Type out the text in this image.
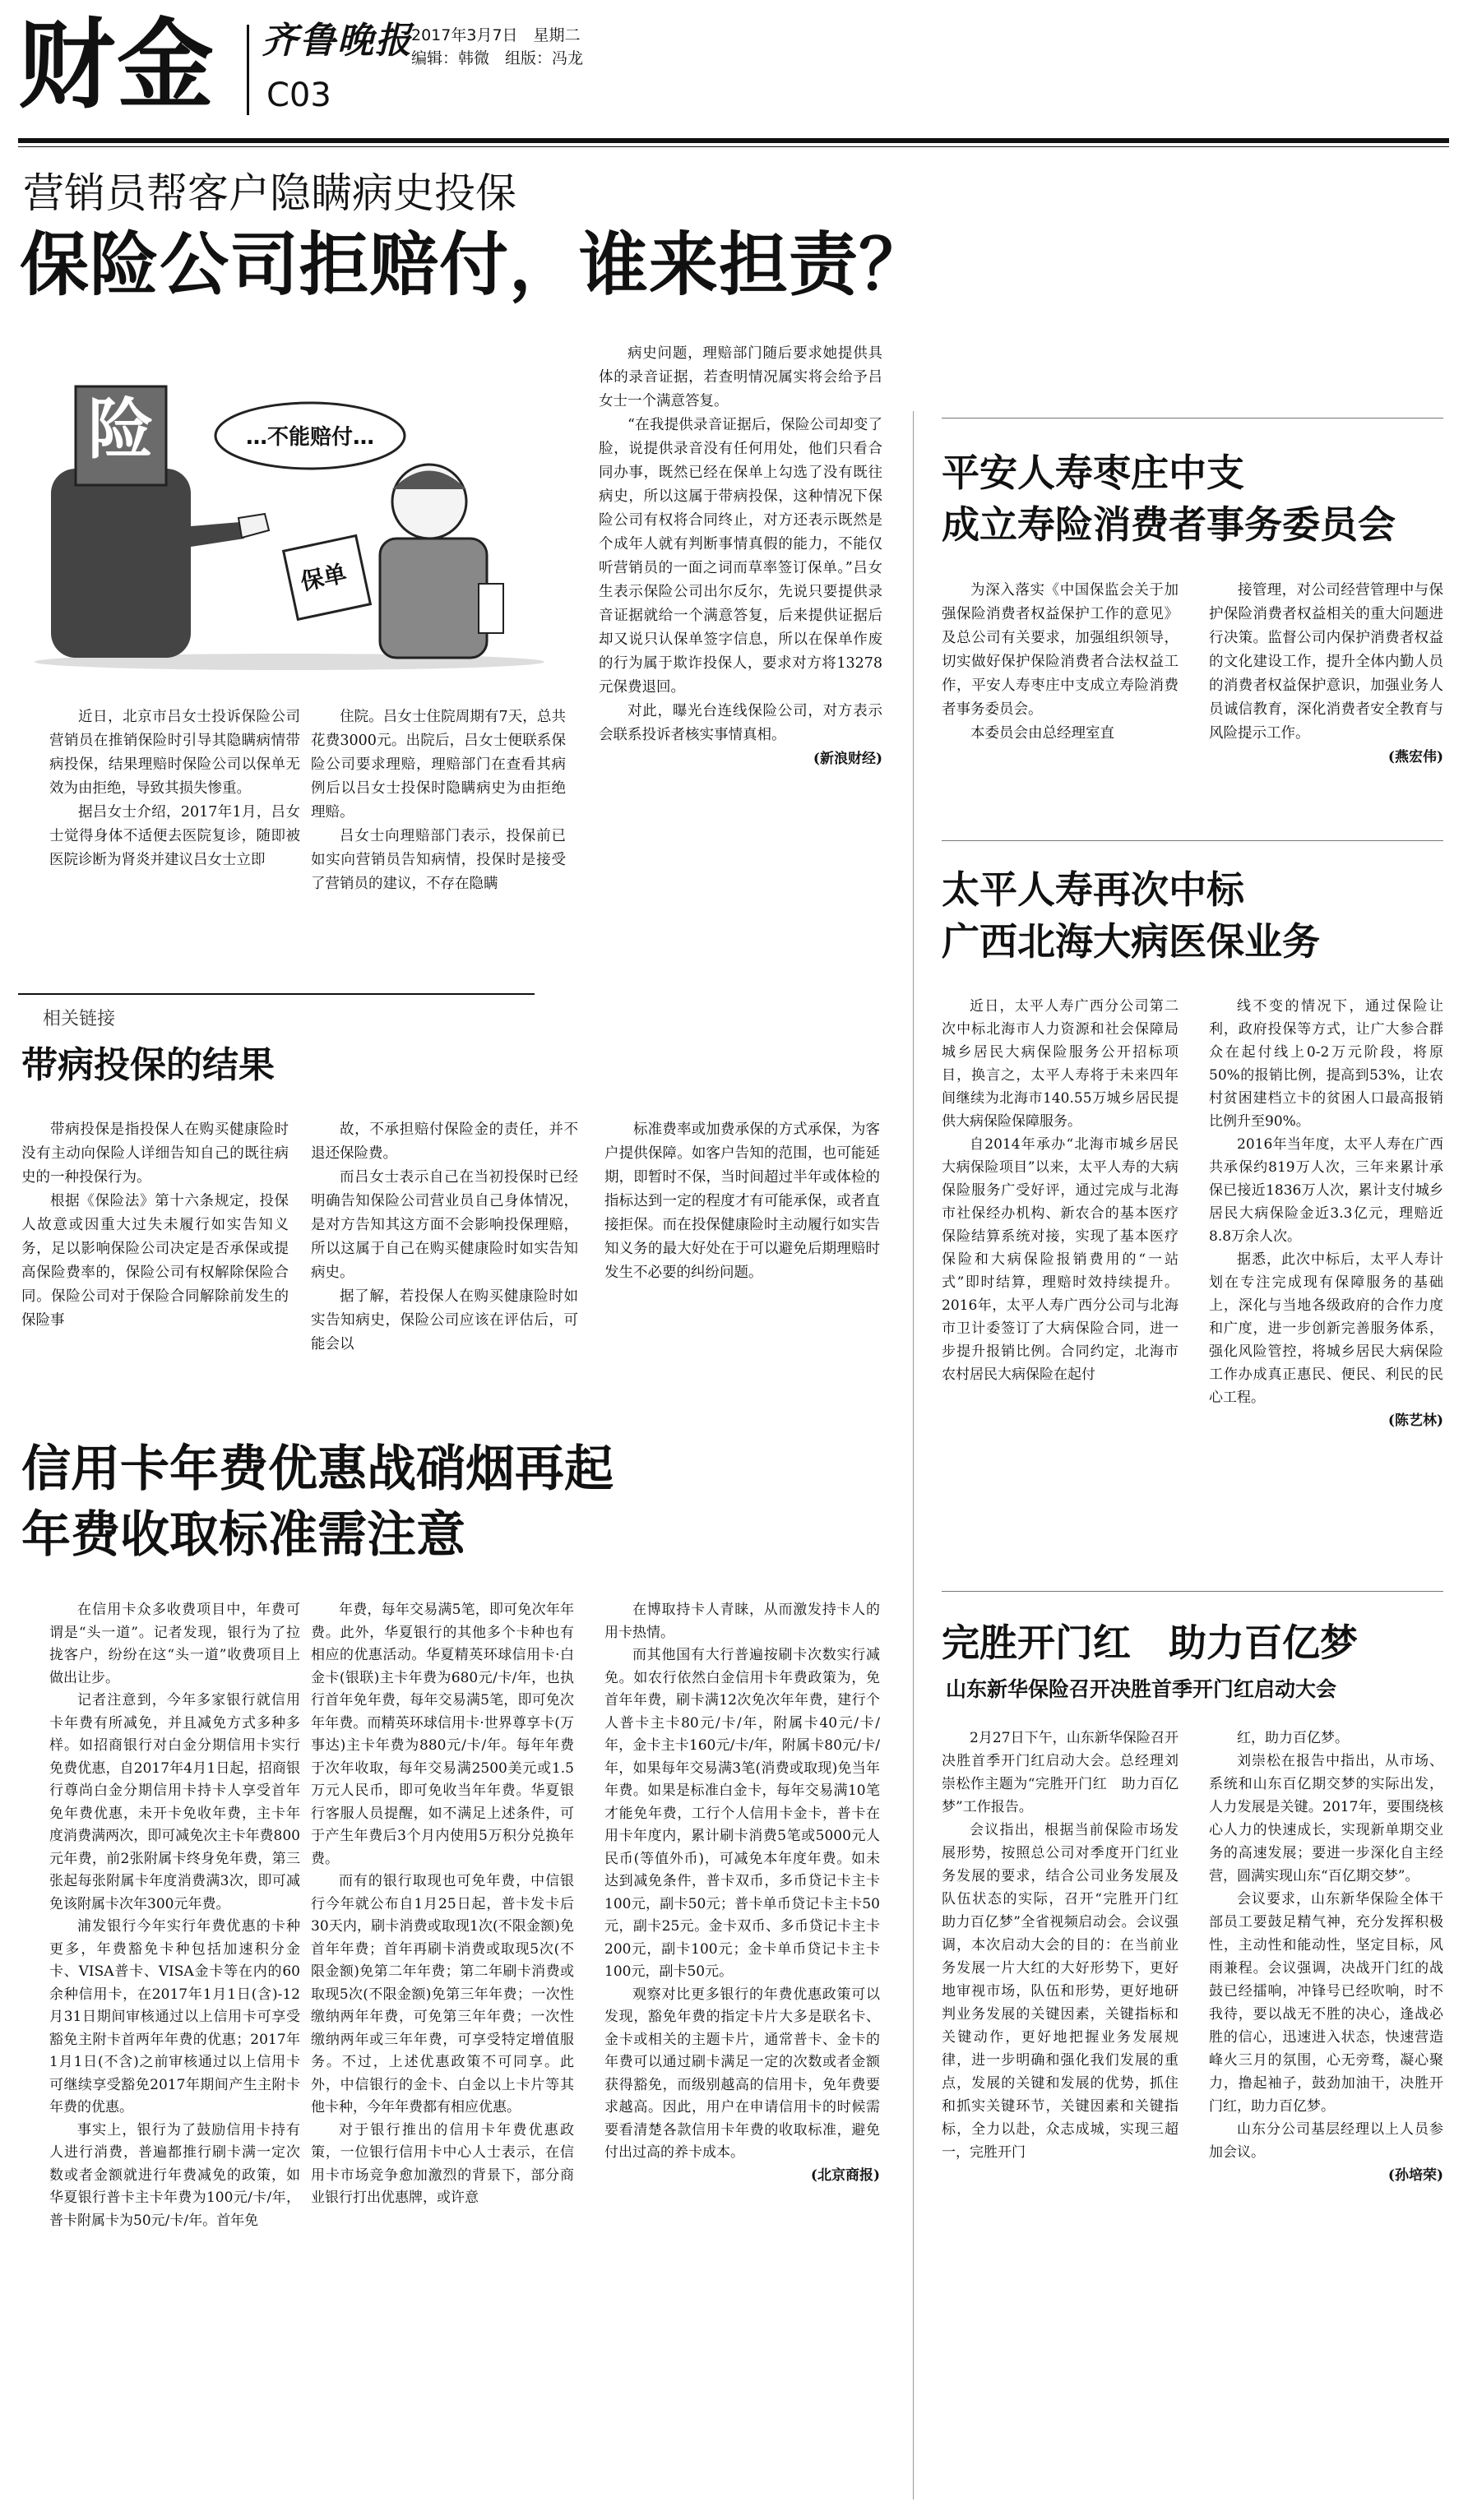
财金 齐鲁晚报
2017年3月7日　星期二
编辑：韩微　组版：冯龙
C03
营销员帮客户隐瞒病史投保
保险公司拒赔付，谁来担责？
险	…不能赔付…
保单

近日，北京市吕女士投诉保险公司营销员在推销保险时引导其隐瞒病情带病投保，结果理赔时保险公司以保单无效为由拒绝，导致其损失惨重。

据吕女士介绍，2017年1月，吕女士觉得身体不适便去医院复诊，随即被医院诊断为肾炎并建议吕女士立即

住院。吕女士住院周期有7天，总共花费3000元。出院后，吕女士便联系保险公司要求理赔，理赔部门在查看其病例后以吕女士投保时隐瞒病史为由拒绝理赔。

吕女士向理赔部门表示，投保前已如实向营销员告知病情，投保时是接受了营销员的建议，不存在隐瞒

病史问题，理赔部门随后要求她提供具体的录音证据，若查明情况属实将会给予吕女士一个满意答复。

“在我提供录音证据后，保险公司却变了脸，说提供录音没有任何用处，他们只看合同办事，既然已经在保单上勾选了没有既往病史，所以这属于带病投保，这种情况下保险公司有权将合同终止，对方还表示既然是个成年人就有判断事情真假的能力，不能仅听营销员的一面之词而草率签订保单。”吕女生表示保险公司出尔反尔，先说只要提供录音证据就给一个满意答复，后来提供证据后却又说只认保单签字信息，所以在保单作废的行为属于欺诈投保人，要求对方将13278元保费退回。

对此，曝光台连线保险公司，对方表示会联系投诉者核实事情真相。

(新浪财经)
相关链接
带病投保的结果

带病投保是指投保人在购买健康险时没有主动向保险人详细告知自己的既往病史的一种投保行为。

根据《保险法》第十六条规定，投保人故意或因重大过失未履行如实告知义务，足以影响保险公司决定是否承保或提高保险费率的，保险公司有权解除保险合同。保险公司对于保险合同解除前发生的保险事

故，不承担赔付保险金的责任，并不退还保险费。

而吕女士表示自己在当初投保时已经明确告知保险公司营业员自己身体情况，是对方告知其这方面不会影响投保理赔，所以这属于自己在购买健康险时如实告知病史。

据了解，若投保人在购买健康险时如实告知病史，保险公司应该在评估后，可能会以

标准费率或加费承保的方式承保，为客户提供保障。如客户告知的范围，也可能延期，即暂时不保，当时间超过半年或体检的指标达到一定的程度才有可能承保，或者直接拒保。而在投保健康险时主动履行如实告知义务的最大好处在于可以避免后期理赔时发生不必要的纠纷问题。

信用卡年费优惠战硝烟再起
年费收取标准需注意

在信用卡众多收费项目中，年费可谓是“头一道”。记者发现，银行为了拉拢客户，纷纷在这“头一道”收费项目上做出让步。

记者注意到，今年多家银行就信用卡年费有所减免，并且减免方式多种多样。如招商银行对白金分期信用卡实行免费优惠，自2017年4月1日起，招商银行尊尚白金分期信用卡持卡人享受首年免年费优惠，未开卡免收年费，主卡年度消费满两次，即可减免次主卡年费800元年费，前2张附属卡终身免年费，第三张起每张附属卡年度消费满3次，即可减免该附属卡次年300元年费。

浦发银行今年实行年费优惠的卡种更多，年费豁免卡种包括加速积分金卡、VISA普卡、VISA金卡等在内的60余种信用卡，在2017年1月1日(含)-12月31日期间审核通过以上信用卡可享受豁免主附卡首两年年费的优惠；2017年1月1日(不含)之前审核通过以上信用卡可继续享受豁免2017年期间产生主附卡年费的优惠。

事实上，银行为了鼓励信用卡持有人进行消费，普遍都推行刷卡满一定次数或者金额就进行年费减免的政策，如华夏银行普卡主卡年费为100元/卡/年，普卡附属卡为50元/卡/年。首年免

年费，每年交易满5笔，即可免次年年费。此外，华夏银行的其他多个卡种也有相应的优惠活动。华夏精英环球信用卡·白金卡(银联)主卡年费为680元/卡/年，也执行首年免年费，每年交易满5笔，即可免次年年费。而精英环球信用卡·世界尊享卡(万事达)主卡年费为880元/卡/年。每年年费于次年收取，每年交易满2500美元或1.5万元人民币，即可免收当年年费。华夏银行客服人员提醒，如不满足上述条件，可于产生年费后3个月内使用5万积分兑换年费。

而有的银行取现也可免年费，中信银行今年就公布自1月25日起，普卡发卡后30天内，刷卡消费或取现1次(不限金额)免首年年费；首年再刷卡消费或取现5次(不限金额)免第二年年费；第二年刷卡消费或取现5次(不限金额)免第三年年费；一次性缴纳两年年费，可免第三年年费；一次性缴纳两年或三年年费，可享受特定增值服务。不过，上述优惠政策不可同享。此外，中信银行的金卡、白金以上卡片等其他卡种，今年年费都有相应优惠。

对于银行推出的信用卡年费优惠政策，一位银行信用卡中心人士表示，在信用卡市场竞争愈加激烈的背景下，部分商业银行打出优惠牌，或许意

在博取持卡人青睐，从而激发持卡人的用卡热情。

而其他国有大行普遍按刷卡次数实行减免。如农行依然白金信用卡年费政策为，免首年年费，刷卡满12次免次年年费，建行个人普卡主卡80元/卡/年，附属卡40元/卡/年，金卡主卡160元/卡/年，附属卡80元/卡/年，如果每年交易满3笔(消费或取现)免当年年费。如果是标准白金卡，每年交易满10笔才能免年费，工行个人信用卡金卡，普卡在用卡年度内，累计刷卡消费5笔或5000元人民币(等值外币)，可减免本年度年费。如未达到减免条件，普卡双币，多币贷记卡主卡100元，副卡50元；普卡单币贷记卡主卡50元，副卡25元。金卡双币、多币贷记卡主卡200元，副卡100元；金卡单币贷记卡主卡100元，副卡50元。

观察对比更多银行的年费优惠政策可以发现，豁免年费的指定卡片大多是联名卡、金卡或相关的主题卡片，通常普卡、金卡的年费可以通过刷卡满足一定的次数或者金额获得豁免，而级别越高的信用卡，免年费要求越高。因此，用户在申请信用卡的时候需要看清楚各款信用卡年费的收取标准，避免付出过高的养卡成本。

(北京商报)
平安人寿枣庄中支
成立寿险消费者事务委员会

为深入落实《中国保监会关于加强保险消费者权益保护工作的意见》及总公司有关要求，加强组织领导，切实做好保护保险消费者合法权益工作，平安人寿枣庄中支成立寿险消费者事务委员会。

本委员会由总经理室直

接管理，对公司经营管理中与保护保险消费者权益相关的重大问题进行决策。监督公司内保护消费者权益的文化建设工作，提升全体内勤人员的消费者权益保护意识，加强业务人员诚信教育，深化消费者安全教育与风险提示工作。

(燕宏伟)
太平人寿再次中标
广西北海大病医保业务

近日，太平人寿广西分公司第二次中标北海市人力资源和社会保障局城乡居民大病保险服务公开招标项目，换言之，太平人寿将于未来四年间继续为北海市140.55万城乡居民提供大病保险保障服务。

自2014年承办“北海市城乡居民大病保险项目”以来，太平人寿的大病保险服务广受好评，通过完成与北海市社保经办机构、新农合的基本医疗保险结算系统对接，实现了基本医疗保险和大病保险报销费用的“一站式”即时结算，理赔时效持续提升。2016年，太平人寿广西分公司与北海市卫计委签订了大病保险合同，进一步提升报销比例。合同约定，北海市农村居民大病保险在起付

线不变的情况下，通过保险让利，政府投保等方式，让广大参合群众在起付线上0-2万元阶段，将原50%的报销比例，提高到53%，让农村贫困建档立卡的贫困人口最高报销比例升至90%。

2016年当年度，太平人寿在广西共承保约819万人次，三年来累计承保已接近1836万人次，累计支付城乡居民大病保险金近3.3亿元，理赔近8.8万余人次。

据悉，此次中标后，太平人寿计划在专注完成现有保障服务的基础上，深化与当地各级政府的合作力度和广度，进一步创新完善服务体系，强化风险管控，将城乡居民大病保险工作办成真正惠民、便民、利民的民心工程。

(陈艺林)
完胜开门红　助力百亿梦
山东新华保险召开决胜首季开门红启动大会

2月27日下午，山东新华保险召开决胜首季开门红启动大会。总经理刘崇松作主题为“完胜开门红　助力百亿梦”工作报告。

会议指出，根据当前保险市场发展形势，按照总公司对季度开门红业务发展的要求，结合公司业务发展及队伍状态的实际，召开“完胜开门红　助力百亿梦”全省视频启动会。会议强调，本次启动大会的目的：在当前业务发展一片大红的大好形势下，更好地审视市场，队伍和形势，更好地研判业务发展的关键因素，关键指标和关键动作，更好地把握业务发展规律，进一步明确和强化我们发展的重点，发展的关键和发展的优势，抓住和抓实关键环节，关键因素和关键指标，全力以赴，众志成城，实现三超一，完胜开门

红，助力百亿梦。

刘崇松在报告中指出，从市场、系统和山东百亿期交梦的实际出发，人力发展是关键。2017年，要围绕核心人力的快速成长，实现新单期交业务的高速发展；要进一步深化自主经营，圆满实现山东“百亿期交梦”。

会议要求，山东新华保险全体干部员工要鼓足精气神，充分发挥积极性，主动性和能动性，坚定目标，风雨兼程。会议强调，决战开门红的战鼓已经擂响，冲锋号已经吹响，时不我待，要以战无不胜的决心，逢战必胜的信心，迅速进入状态，快速营造峰火三月的氛围，心无旁骛，凝心聚力，撸起袖子，鼓劲加油干，决胜开门红，助力百亿梦。

山东分公司基层经理以上人员参加会议。

(孙培荣)
